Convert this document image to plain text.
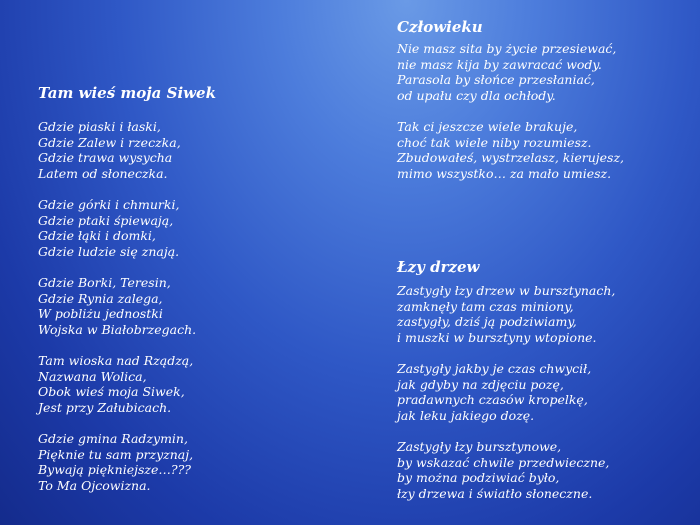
Tam wieś moja Siwek
Gdzie piaski i łaski,
Gdzie Zalew i rzeczka,
Gdzie trawa wysycha
Latem od słoneczka.
Gdzie górki i chmurki,
Gdzie ptaki śpiewają,
Gdzie łąki i domki,
Gdzie ludzie się znają.
Gdzie Borki, Teresin,
Gdzie Rynia zalega,
W pobliżu jednostki
Wojska w Białobrzegach.
Tam wioska nad Rządzą,
Nazwana Wolica,
Obok wieś moja Siwek,
Jest przy Załubicach.
Gdzie gmina Radzymin,
Pięknie tu sam przyznaj,
Bywają piękniejsze…???
To Ma Ojcowizna.
Człowieku
Nie masz sita by życie przesiewać,
nie masz kija by zawracać wody.
Parasola by słońce przesłaniać,
od upału czy dla ochłody.
Tak ci jeszcze wiele brakuje,
choć tak wiele niby rozumiesz.
Zbudowałeś, wystrzelasz, kierujesz,
mimo wszystko… za mało umiesz.
Łzy drzew
Zastygły łzy drzew w bursztynach,
zamknęły tam czas miniony,
zastygły, dziś ją podziwiamy,
i muszki w bursztyny wtopione.
Zastygły jakby je czas chwycił,
jak gdyby na zdjęciu pozę,
pradawnych czasów kropelkę,
jak leku jakiego dozę.
Zastygły łzy bursztynowe,
by wskazać chwile przedwieczne,
by można podziwiać było,
łzy drzewa i światło słoneczne.
